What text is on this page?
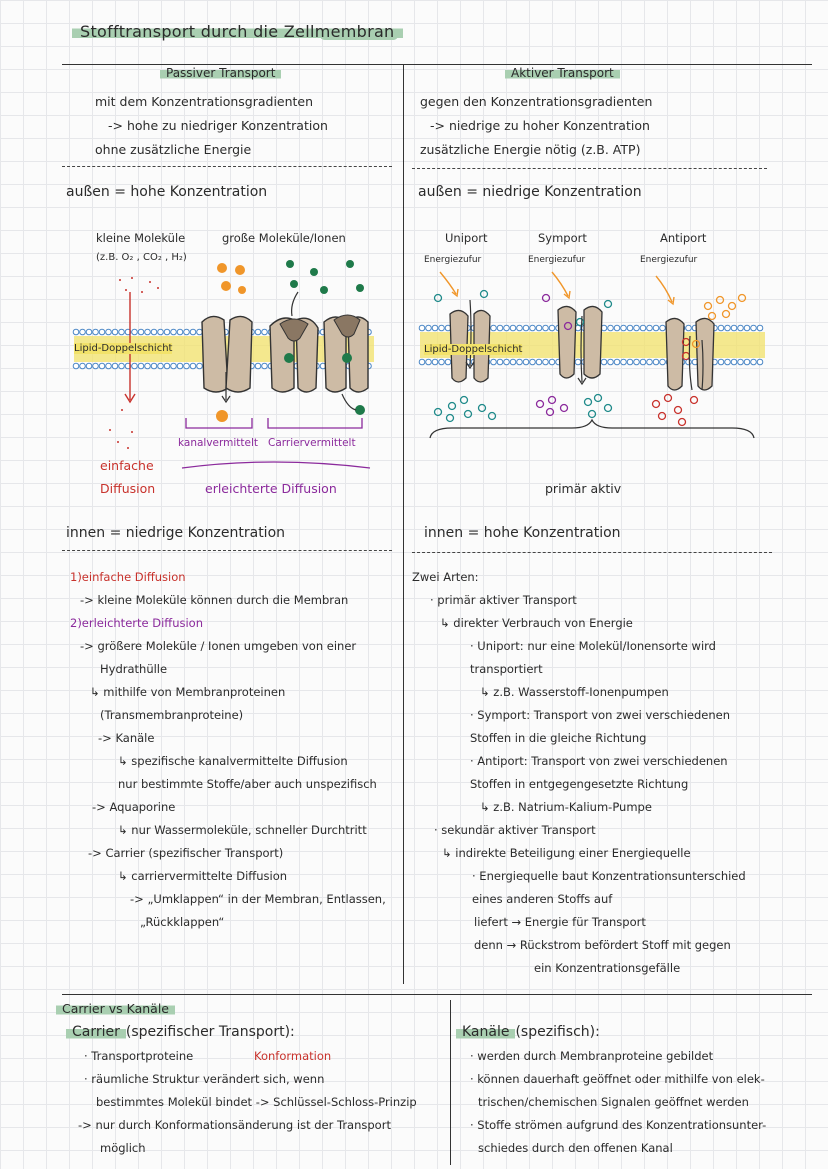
Stofftransport durch die Zellmembran
Passiver Transport	Aktiver Transport
mit dem Konzentrationsgradienten
-> hohe zu niedriger Konzentration
ohne zusätzliche Energie
gegen den Konzentrationsgradienten
-> niedrige zu hoher Konzentration
zusätzliche Energie nötig (z.B. ATP)
außen = hohe Konzentration	außen = niedrige Konzentration
kleine Moleküle
(z.B. O₂ , CO₂ , H₂)
große Moleküle/Ionen	Uniport	Symport	Antiport
Energiezufur	Energiezufur	Energiezufur
Lipid-Doppelschicht
kanalvermittelt Carriervermittelt
einfache
Diffusion	erleichterte Diffusion
Lipid-Doppelschicht
primär aktiv
innen = niedrige Konzentration	innen = hohe Konzentration
1)einfache Diffusion
-> kleine Moleküle können durch die Membran
2)erleichterte Diffusion
-> größere Moleküle / Ionen umgeben von einer
Hydrathülle
↳ mithilfe von Membranproteinen
(Transmembranproteine)
-> Kanäle
↳ spezifische kanalvermittelte Diffusion
nur bestimmte Stoffe/aber auch unspezifisch
-> Aquaporine
↳ nur Wassermoleküle, schneller Durchtritt
-> Carrier (spezifischer Transport)
↳ carriervermittelte Diffusion
-> „Umklappen“ in der Membran, Entlassen,
„Rückklappen“
Zwei Arten:
· primär aktiver Transport
↳ direkter Verbrauch von Energie
· Uniport: nur eine Molekül/Ionensorte wird
transportiert
↳ z.B. Wasserstoff-Ionenpumpen
· Symport: Transport von zwei verschiedenen
Stoffen in die gleiche Richtung
· Antiport: Transport von zwei verschiedenen
Stoffen in entgegengesetzte Richtung
↳ z.B. Natrium-Kalium-Pumpe
· sekundär aktiver Transport
↳ indirekte Beteiligung einer Energiequelle
· Energiequelle baut Konzentrationsunterschied
eines anderen Stoffs auf
liefert → Energie für Transport
denn → Rückstrom befördert Stoff mit gegen
ein Konzentrationsgefälle
Carrier vs Kanäle
Carrier (spezifischer Transport):
· Transportproteine	Konformation
· räumliche Struktur verändert sich, wenn
bestimmtes Molekül bindet -> Schlüssel-Schloss-Prinzip
-> nur durch Konformationsänderung ist der Transport
möglich
Kanäle (spezifisch):
· werden durch Membranproteine gebildet
· können dauerhaft geöffnet oder mithilfe von elek-
trischen/chemischen Signalen geöffnet werden
· Stoffe strömen aufgrund des Konzentrationsunter-
schiedes durch den offenen Kanal
